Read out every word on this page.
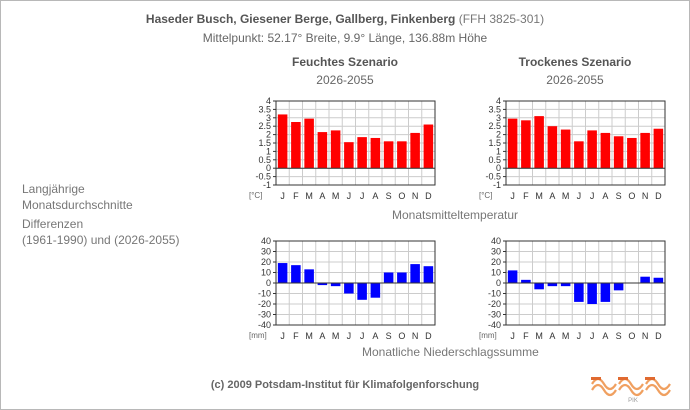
Haseder Busch, Giesener Berge, Gallberg, Finkenberg (FFH 3825-301)
Mittelpunkt: 52.17° Breite, 9.9° Länge, 136.88m Höhe
Feuchtes Szenario
2026-2055
Trockenes Szenario
2026-2055
Langjährige
Monatsdurchschnitte
Differenzen
(1961-1990) und (2026-2055)
Monatsmitteltemperatur
Monatliche Niederschlagssumme
(c) 2009 Potsdam-Institut für Klimafolgenforschung
4
3.5
3
2.5
2
1.5
1
0.5
0
-0.5
-1
J F M A M J J A S O N D
[°C]
4
3.5
3
2.5
2
1.5
1
0.5
0
-0.5
-1
J F M A M J J A S O N D
[°C]
40
30
20
10
0
-10
-20
-30
-40
J F M A M J J A S O N D
[mm]
40
30
20
10
0
-10
-20
-30
-40
J F M A M J J A S O N D
[mm]
PIK
